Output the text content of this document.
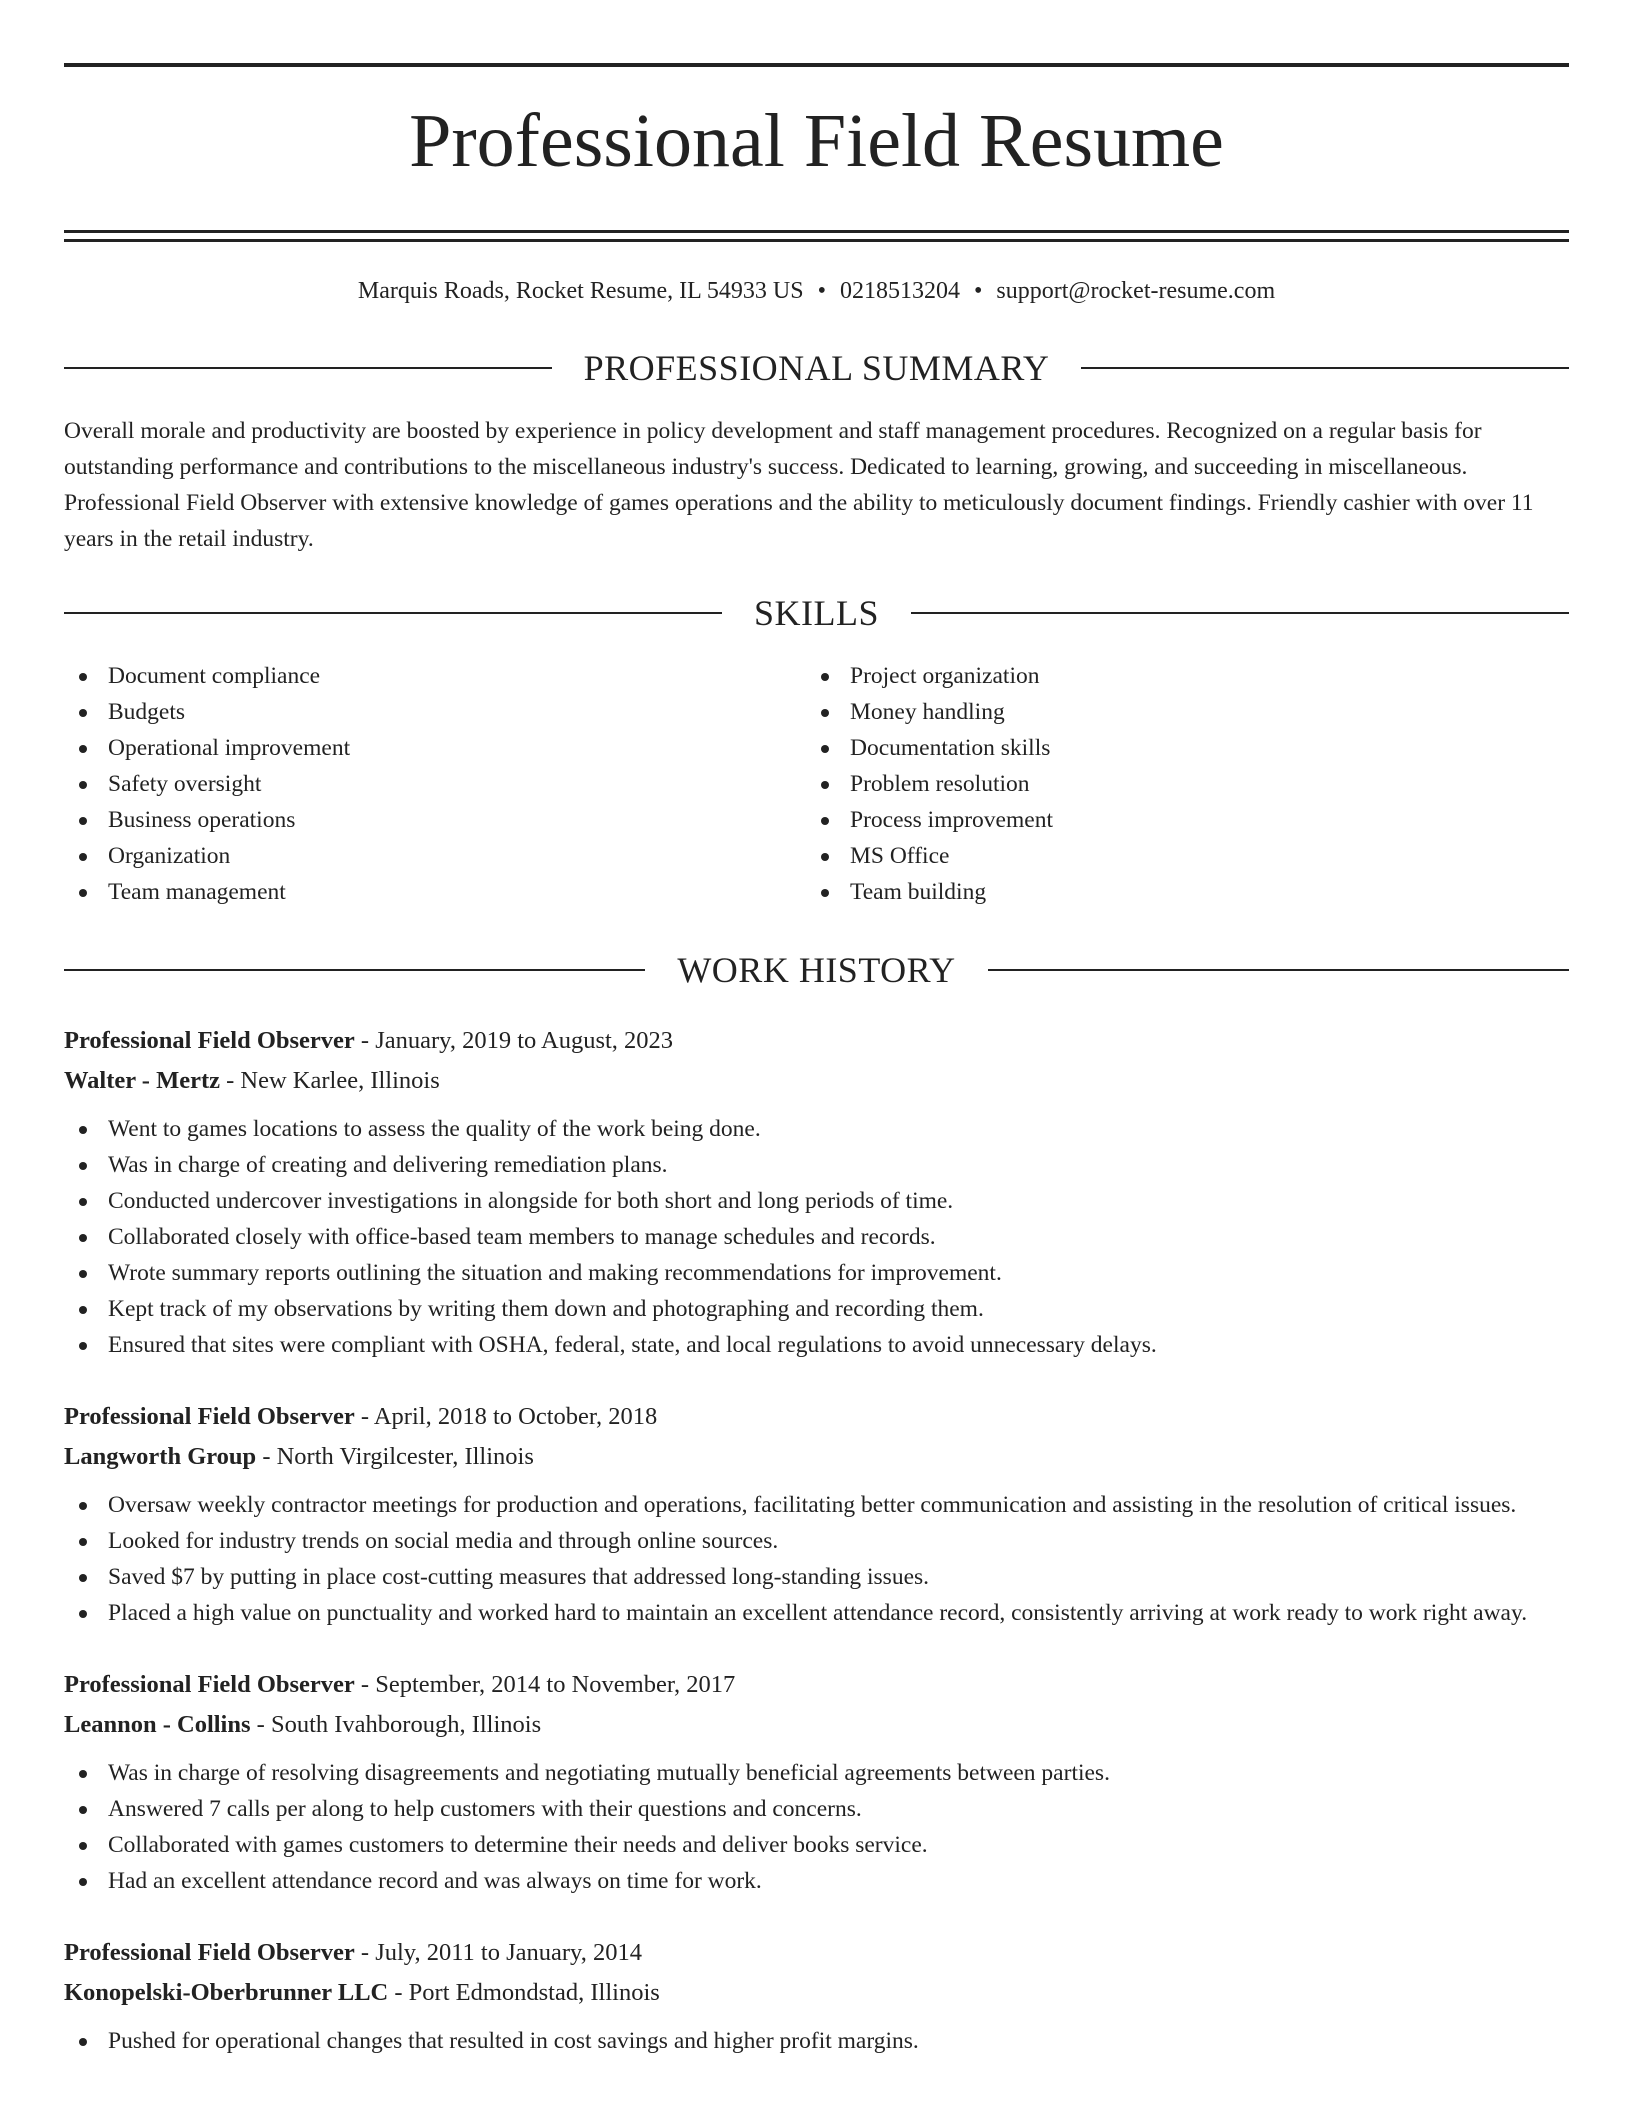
Professional Field Resume
Marquis Roads, Rocket Resume, IL 54933 US • 0218513204 • support@rocket-resume.com
PROFESSIONAL SUMMARY

Overall morale and productivity are boosted by experience in policy development and staff management procedures. Recognized on a regular basis for outstanding performance and contributions to the miscellaneous industry's success. Dedicated to learning, growing, and succeeding in miscellaneous. Professional Field Observer with extensive knowledge of games operations and the ability to meticulously document findings. Friendly cashier with over 11 years in the retail industry.

SKILLS
Document compliance
Budgets
Operational improvement
Safety oversight
Business operations
Organization
Team management
Project organization
Money handling
Documentation skills
Problem resolution
Process improvement
MS Office
Team building
WORK HISTORY
Professional Field Observer - January, 2019 to August, 2023
Walter - Mertz - New Karlee, Illinois
Went to games locations to assess the quality of the work being done.
Was in charge of creating and delivering remediation plans.
Conducted undercover investigations in alongside for both short and long periods of time.
Collaborated closely with office-based team members to manage schedules and records.
Wrote summary reports outlining the situation and making recommendations for improvement.
Kept track of my observations by writing them down and photographing and recording them.
Ensured that sites were compliant with OSHA, federal, state, and local regulations to avoid unnecessary delays.
Professional Field Observer - April, 2018 to October, 2018
Langworth Group - North Virgilcester, Illinois
Oversaw weekly contractor meetings for production and operations, facilitating better communication and assisting in the resolution of critical issues.
Looked for industry trends on social media and through online sources.
Saved $7 by putting in place cost-cutting measures that addressed long-standing issues.
Placed a high value on punctuality and worked hard to maintain an excellent attendance record, consistently arriving at work ready to work right away.
Professional Field Observer - September, 2014 to November, 2017
Leannon - Collins - South Ivahborough, Illinois
Was in charge of resolving disagreements and negotiating mutually beneficial agreements between parties.
Answered 7 calls per along to help customers with their questions and concerns.
Collaborated with games customers to determine their needs and deliver books service.
Had an excellent attendance record and was always on time for work.
Professional Field Observer - July, 2011 to January, 2014
Konopelski-Oberbrunner LLC - Port Edmondstad, Illinois
Pushed for operational changes that resulted in cost savings and higher profit margins.
